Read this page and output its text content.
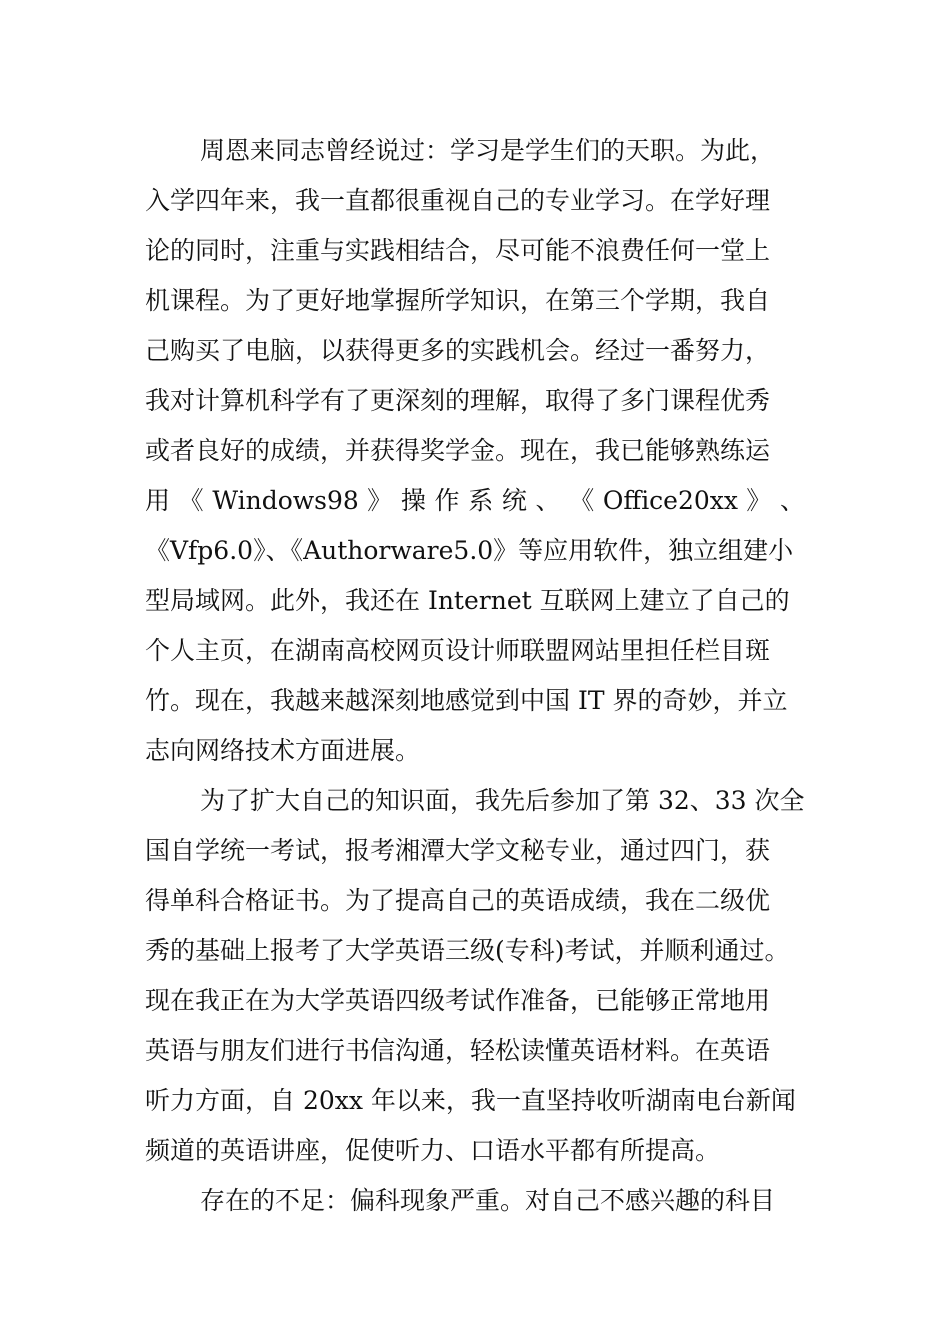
周恩来同志曾经说过：学习是学生们的天职。为此，
入学四年来，我一直都很重视自己的专业学习。在学好理
论的同时，注重与实践相结合，尽可能不浪费任何一堂上
机课程。为了更好地掌握所学知识，在第三个学期，我自
己购买了电脑，以获得更多的实践机会。经过一番努力，
我对计算机科学有了更深刻的理解，取得了多门课程优秀
或者良好的成绩，并获得奖学金。现在，我已能够熟练运
用 《 Windows98 》 操 作 系 统 、 《 Office20xx 》 、
《Vfp6.0》、《Authorware5.0》等应用软件，独立组建小
型局域网。此外，我还在 Internet 互联网上建立了自己的
个人主页，在湖南高校网页设计师联盟网站里担任栏目斑
竹。现在，我越来越深刻地感觉到中国 IT 界的奇妙，并立
志向网络技术方面进展。
为了扩大自己的知识面，我先后参加了第 32、33 次全
国自学统一考试，报考湘潭大学文秘专业，通过四门，获
得单科合格证书。为了提高自己的英语成绩，我在二级优
秀的基础上报考了大学英语三级(专科)考试，并顺利通过。
现在我正在为大学英语四级考试作准备，已能够正常地用
英语与朋友们进行书信沟通，轻松读懂英语材料。在英语
听力方面，自 20xx 年以来，我一直坚持收听湖南电台新闻
频道的英语讲座，促使听力、口语水平都有所提高。
存在的不足：偏科现象严重。对自己不感兴趣的科目
